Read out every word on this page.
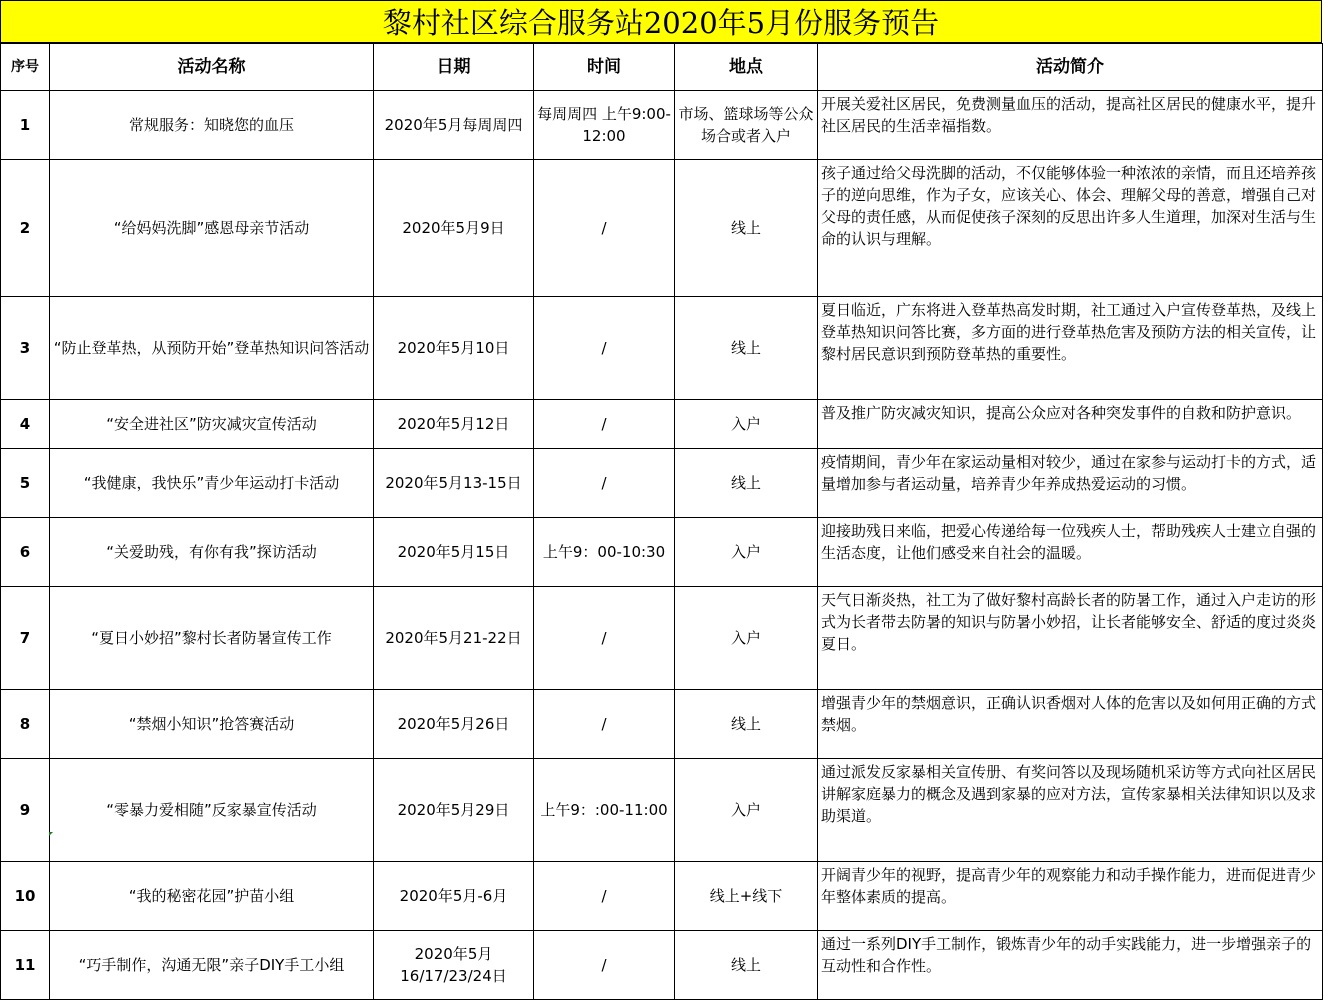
黎村社区综合服务站2020年5月份服务预告
序号	活动名称	日期	时间	地点	活动简介
1	常规服务：知晓您的血压	2020年5月每周周四	每周周四 上午9:00-12:00	市场、篮球场等公众场合或者入户	开展关爱社区居民，免费测量血压的活动，提高社区居民的健康水平，提升社区居民的生活幸福指数。
2	“给妈妈洗脚”感恩母亲节活动	2020年5月9日	/	线上	孩子通过给父母洗脚的活动，不仅能够体验一种浓浓的亲情，而且还培养孩子的逆向思维，作为子女，应该关心、体会、理解父母的善意，增强自己对父母的责任感，从而促使孩子深刻的反思出许多人生道理，加深对生活与生命的认识与理解。
3	“防止登革热，从预防开始”登革热知识问答活动	2020年5月10日	/	线上	夏日临近，广东将进入登革热高发时期，社工通过入户宣传登革热，及线上登革热知识问答比赛，多方面的进行登革热危害及预防方法的相关宣传，让黎村居民意识到预防登革热的重要性。
4	“安全进社区”防灾减灾宣传活动	2020年5月12日	/	入户	普及推广防灾减灾知识，提高公众应对各种突发事件的自救和防护意识。
5	“我健康，我快乐”青少年运动打卡活动	2020年5月13-15日	/	线上	疫情期间，青少年在家运动量相对较少，通过在家参与运动打卡的方式，适量增加参与者运动量，培养青少年养成热爱运动的习惯。
6	“关爱助残，有你有我”探访活动	2020年5月15日	上午9：00-10:30	入户	迎接助残日来临，把爱心传递给每一位残疾人士，帮助残疾人士建立自强的生活态度，让他们感受来自社会的温暖。
7	“夏日小妙招”黎村长者防暑宣传工作	2020年5月21-22日	/	入户	天气日渐炎热，社工为了做好黎村高龄长者的防暑工作，通过入户走访的形式为长者带去防暑的知识与防暑小妙招，让长者能够安全、舒适的度过炎炎夏日。
8	“禁烟小知识”抢答赛活动	2020年5月26日	/	线上	增强青少年的禁烟意识，正确认识香烟对人体的危害以及如何用正确的方式禁烟。
9	“零暴力爱相随”反家暴宣传活动	2020年5月29日	上午9：:00-11:00	入户	通过派发反家暴相关宣传册、有奖问答以及现场随机采访等方式向社区居民讲解家庭暴力的概念及遇到家暴的应对方法，宣传家暴相关法律知识以及求助渠道。
10	“我的秘密花园”护苗小组	2020年5月-6月	/	线上+线下	开阔青少年的视野，提高青少年的观察能力和动手操作能力，进而促进青少年整体素质的提高。
11	“巧手制作，沟通无限”亲子DIY手工小组	2020年5月16/17/23/24日	/	线上	通过一系列DIY手工制作，锻炼青少年的动手实践能力，进一步增强亲子的互动性和合作性。
